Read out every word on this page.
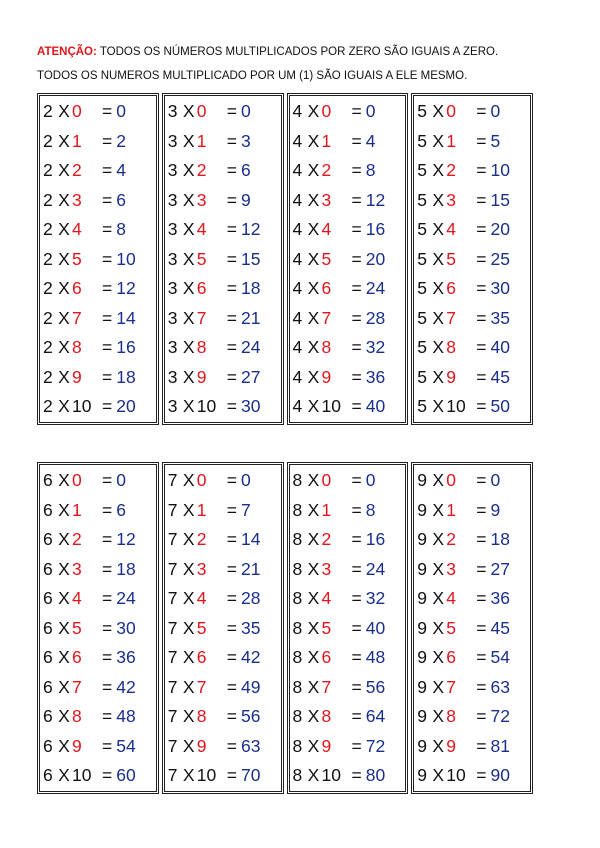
ATENÇÃO: TODOS OS NÚMEROS MULTIPLICADOS POR ZERO SÃO IGUAIS A ZERO.
TODOS OS NUMEROS MULTIPLICADO POR UM (1) SÃO IGUAIS A ELE MESMO.
2 X 0	= 0
2 X 1	= 2
2 X 2	= 4
2 X 3	= 6
2 X 4	= 8
2 X 5	= 10
2 X 6	= 12
2 X 7	= 14
2 X 8	= 16
2 X 9	= 18
2 X 10 = 20
3 X 0	= 0
3 X 1	= 3
3 X 2	= 6
3 X 3	= 9
3 X 4	= 12
3 X 5	= 15
3 X 6	= 18
3 X 7	= 21
3 X 8	= 24
3 X 9	= 27
3 X 10 = 30
4 X 0	= 0
4 X 1	= 4
4 X 2	= 8
4 X 3	= 12
4 X 4	= 16
4 X 5	= 20
4 X 6	= 24
4 X 7	= 28
4 X 8	= 32
4 X 9	= 36
4 X 10 = 40
5 X 0	= 0
5 X 1	= 5
5 X 2	= 10
5 X 3	= 15
5 X 4	= 20
5 X 5	= 25
5 X 6	= 30
5 X 7	= 35
5 X 8	= 40
5 X 9	= 45
5 X 10 = 50
6 X 0	= 0
6 X 1	= 6
6 X 2	= 12
6 X 3	= 18
6 X 4	= 24
6 X 5	= 30
6 X 6	= 36
6 X 7	= 42
6 X 8	= 48
6 X 9	= 54
6 X 10 = 60
7 X 0	= 0
7 X 1	= 7
7 X 2	= 14
7 X 3	= 21
7 X 4	= 28
7 X 5	= 35
7 X 6	= 42
7 X 7	= 49
7 X 8	= 56
7 X 9	= 63
7 X 10 = 70
8 X 0	= 0
8 X 1	= 8
8 X 2	= 16
8 X 3	= 24
8 X 4	= 32
8 X 5	= 40
8 X 6	= 48
8 X 7	= 56
8 X 8	= 64
8 X 9	= 72
8 X 10 = 80
9 X 0	= 0
9 X 1	= 9
9 X 2	= 18
9 X 3	= 27
9 X 4	= 36
9 X 5	= 45
9 X 6	= 54
9 X 7	= 63
9 X 8	= 72
9 X 9	= 81
9 X 10 = 90
